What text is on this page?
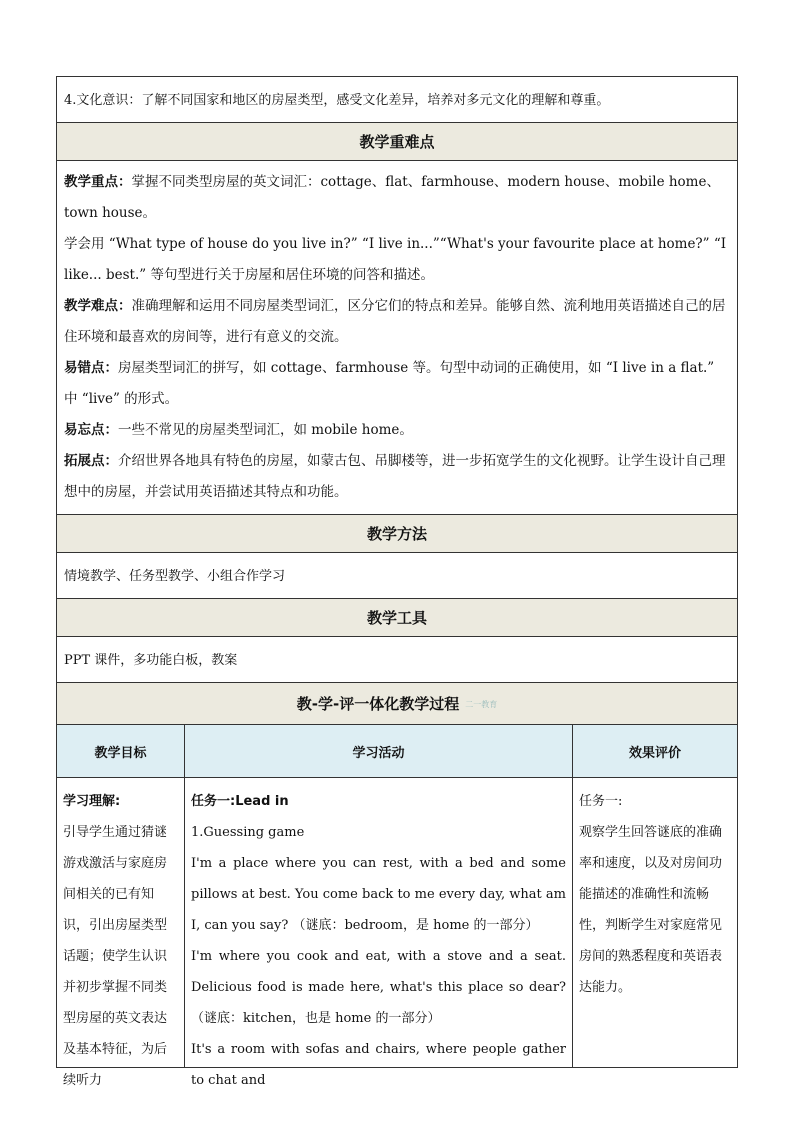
4.文化意识：了解不同国家和地区的房屋类型，感受文化差异，培养对多元文化的理解和尊重。
教学重难点

教学重点：掌握不同类型房屋的英文词汇：cottage、flat、farmhouse、modern house、mobile home、town house。

学会用 “What type of house do you live in?” “I live in...”“What's your favourite place at home?” “I like... best.” 等句型进行关于房屋和居住环境的问答和描述。

教学难点：准确理解和运用不同房屋类型词汇，区分它们的特点和差异。能够自然、流利地用英语描述自己的居住环境和最喜欢的房间等，进行有意义的交流。

易错点：房屋类型词汇的拼写，如 cottage、farmhouse 等。句型中动词的正确使用，如 “I live in a flat.” 中 “live” 的形式。

易忘点：一些不常见的房屋类型词汇，如 mobile home。

拓展点：介绍世界各地具有特色的房屋，如蒙古包、吊脚楼等，进一步拓宽学生的文化视野。让学生设计自己理想中的房屋，并尝试用英语描述其特点和功能。

教学方法
情境教学、任务型教学、小组合作学习
教学工具
PPT 课件，多功能白板，教案
教-学-评一体化教学过程 二一教育
教学目标	学习活动	效果评价

学习理解:

引导学生通过猜谜游戏激活与家庭房间相关的已有知识，引出房屋类型话题；使学生认识并初步掌握不同类型房屋的英文表达及基本特征，为后续听力

任务一:Lead in

1.Guessing game

I'm a place where you can rest, with a bed and some pillows at best. You come back to me every day, what am I, can you say? （谜底：bedroom，是 home 的一部分）

I'm where you cook and eat, with a stove and a seat. Delicious food is made here, what's this place so dear? （谜底：kitchen，也是 home 的一部分）

It's a room with sofas and chairs, where people gather to chat and

任务一:

观察学生回答谜底的准确率和速度，以及对房间功能描述的准确性和流畅性，判断学生对家庭常见房间的熟悉程度和英语表达能力。
